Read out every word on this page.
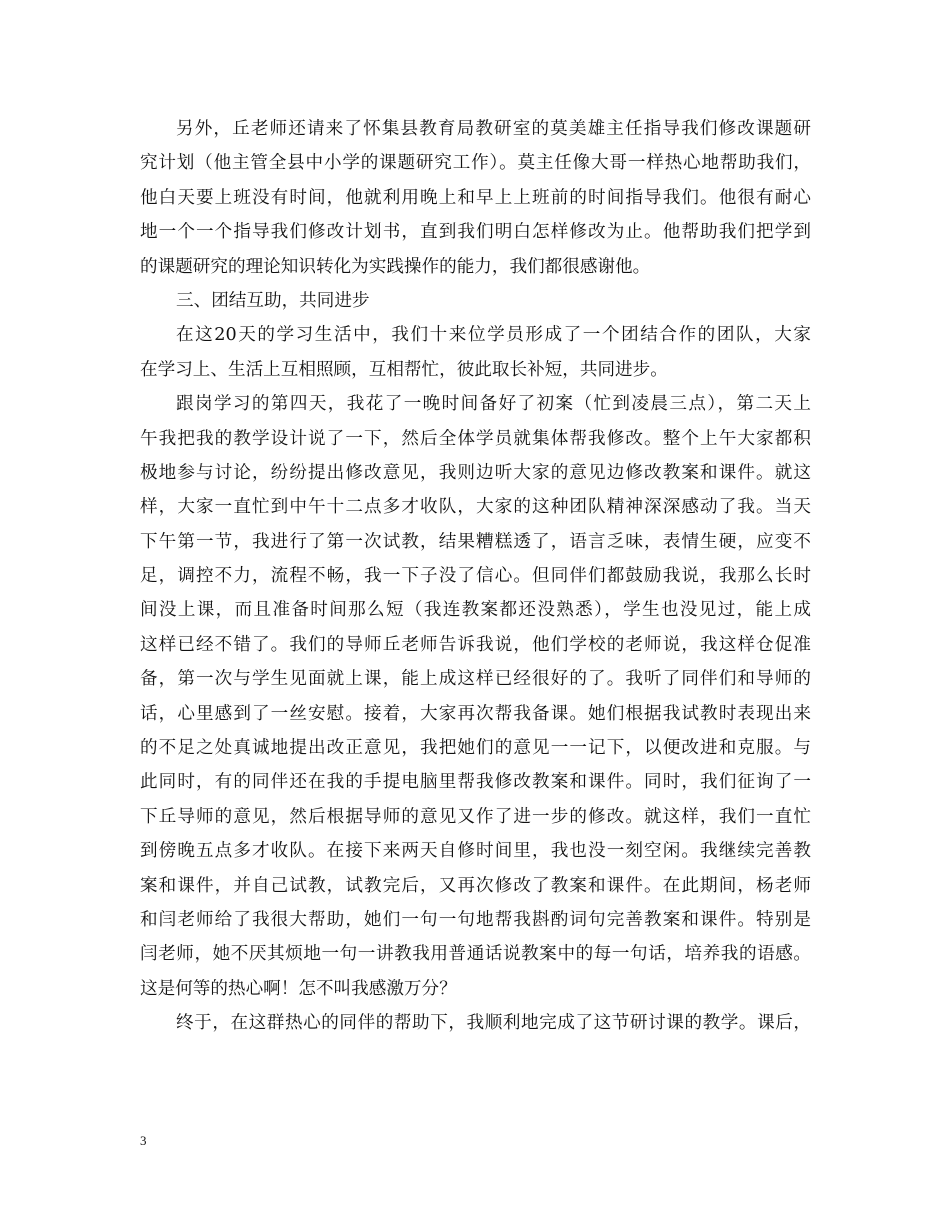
另外，丘老师还请来了怀集县教育局教研室的莫美雄主任指导我们修改课题研
究计划（他主管全县中小学的课题研究工作）。莫主任像大哥一样热心地帮助我们，
他白天要上班没有时间，他就利用晚上和早上上班前的时间指导我们。他很有耐心
地一个一个指导我们修改计划书，直到我们明白怎样修改为止。他帮助我们把学到
的课题研究的理论知识转化为实践操作的能力，我们都很感谢他。
三、团结互助，共同进步
在这20天的学习生活中，我们十来位学员形成了一个团结合作的团队，大家
在学习上、生活上互相照顾，互相帮忙，彼此取长补短，共同进步。
跟岗学习的第四天，我花了一晚时间备好了初案（忙到凌晨三点），第二天上
午我把我的教学设计说了一下，然后全体学员就集体帮我修改。整个上午大家都积
极地参与讨论，纷纷提出修改意见，我则边听大家的意见边修改教案和课件。就这
样，大家一直忙到中午十二点多才收队，大家的这种团队精神深深感动了我。当天
下午第一节，我进行了第一次试教，结果糟糕透了，语言乏味，表情生硬，应变不
足，调控不力，流程不畅，我一下子没了信心。但同伴们都鼓励我说，我那么长时
间没上课，而且准备时间那么短（我连教案都还没熟悉），学生也没见过，能上成
这样已经不错了。我们的导师丘老师告诉我说，他们学校的老师说，我这样仓促准
备，第一次与学生见面就上课，能上成这样已经很好的了。我听了同伴们和导师的
话，心里感到了一丝安慰。接着，大家再次帮我备课。她们根据我试教时表现出来
的不足之处真诚地提出改正意见，我把她们的意见一一记下，以便改进和克服。与
此同时，有的同伴还在我的手提电脑里帮我修改教案和课件。同时，我们征询了一
下丘导师的意见，然后根据导师的意见又作了进一步的修改。就这样，我们一直忙
到傍晚五点多才收队。在接下来两天自修时间里，我也没一刻空闲。我继续完善教
案和课件，并自己试教，试教完后，又再次修改了教案和课件。在此期间，杨老师
和闫老师给了我很大帮助，她们一句一句地帮我斟酌词句完善教案和课件。特别是
闫老师，她不厌其烦地一句一讲教我用普通话说教案中的每一句话，培养我的语感。
这是何等的热心啊！怎不叫我感激万分？
终于，在这群热心的同伴的帮助下，我顺利地完成了这节研讨课的教学。课后，
3
